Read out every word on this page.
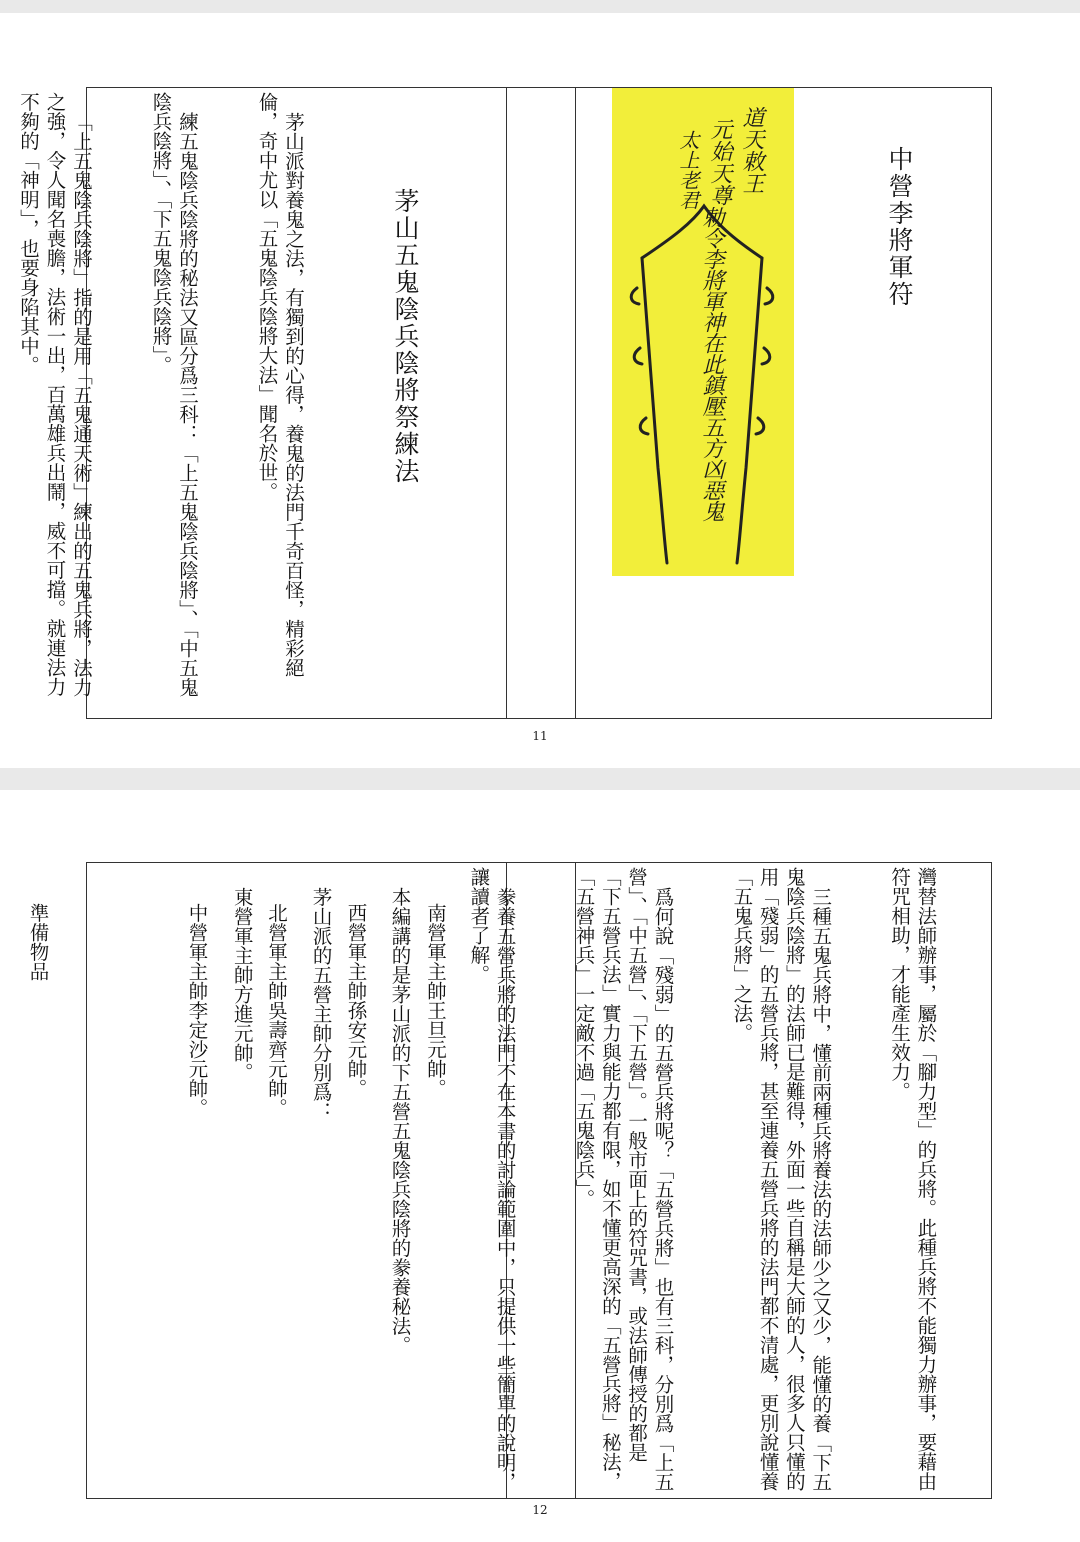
中營李將軍符
道天敕王
元始天尊
太上老君
勅令李將軍神在此鎮壓五方凶惡鬼
茅山五鬼陰兵陰將祭練法

茅山派對養鬼之法，有獨到的心得，養鬼的法門千奇百怪，精彩絕倫，奇中尤以「五鬼陰兵陰將大法」聞名於世。

練五鬼陰兵陰將的秘法又區分爲三科：「上五鬼陰兵陰將」、「中五鬼陰兵陰將」、「下五鬼陰兵陰將」。

「上五鬼陰兵陰將」指的是用「五鬼通天術」練出的五鬼兵將，法力之強，令人聞名喪膽，法術一出，百萬雄兵出鬧，威不可擋。就連法力不夠的「神明」，也要身陷其中。

11

灣替法師辦事，屬於「腳力型」的兵將。此種兵將不能獨力辦事，要藉由符咒相助，才能產生效力。

三種五鬼兵將中，懂前兩種兵將養法的法師少之又少，能懂的養「下五鬼陰兵陰將」的法師已是難得，外面一些自稱是大師的人，很多人只懂的用「殘弱」的五營兵將，甚至連養五營兵將的法門都不清處，更別說懂養「五鬼兵將」之法。

爲何說「殘弱」的五營兵將呢？「五營兵將」也有三科，分別爲「上五營」、「中五營」、「下五營」。一般市面上的符咒書，或法師傳授的都是「下五營兵法」實力與能力都有限，如不懂更高深的「五營兵將」秘法，「五營神兵」一定敵不過「五鬼陰兵」。

豢養五營兵將的法門不在本書的討論範圍中，只提供一些簡單的說明，讓讀者了解。

本編講的是茅山派的下五營五鬼陰兵陰將的豢養秘法。

茅山派的五營主帥分別爲：

東營軍主帥方進元帥。

	南營軍主帥王旦元帥。

西營軍主帥孫安元帥。

北營軍主帥吳壽齊元帥。

中營軍主帥李定沙元帥。

準備物品

12
